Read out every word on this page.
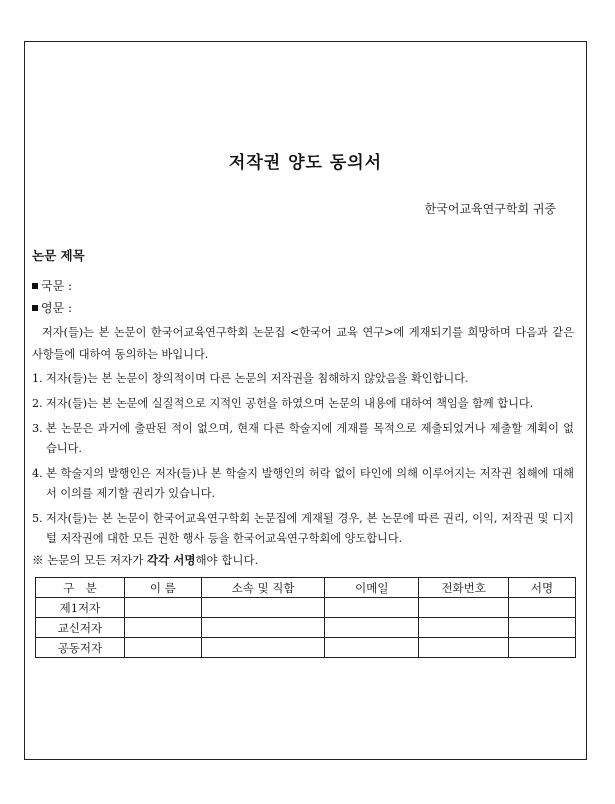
저작권 양도 동의서
한국어교육연구학회 귀중
논문 제목
국문 :
영문 :
저자(들)는 본 논문이 한국어교육연구학회 논문집 <한국어 교육 연구>에 게재되기를 희망하며 다음과 같은 사항들에 대하여 동의하는 바입니다.
1. 저자(들)는 본 논문이 창의적이며 다른 논문의 저작권을 침해하지 않았음을 확인합니다.
2. 저자(들)는 본 논문에 실질적으로 지적인 공헌을 하였으며 논문의 내용에 대하여 책임을 함께 합니다.
3. 본 논문은 과거에 출판된 적이 없으며, 현재 다른 학술지에 게재를 목적으로 제출되었거나 제출할 계획이 없습니다.
4. 본 학술지의 발행인은 저자(들)나 본 학술지 발행인의 허락 없이 타인에 의해 이루어지는 저작권 침해에 대해서 이의를 제기할 권리가 있습니다.
5. 저자(들)는 본 논문이 한국어교육연구학회 논문집에 게재될 경우, 본 논문에 따른 권리, 이익, 저작권 및 디지털 저작권에 대한 모든 권한 행사 등을 한국어교육연구학회에 양도합니다.
※ 논문의 모든 저자가 각각 서명해야 합니다.
구　분	이 름	소속 및 직함	이메일	전화번호	서명
제1저자					
교신저자					
공동저자					
